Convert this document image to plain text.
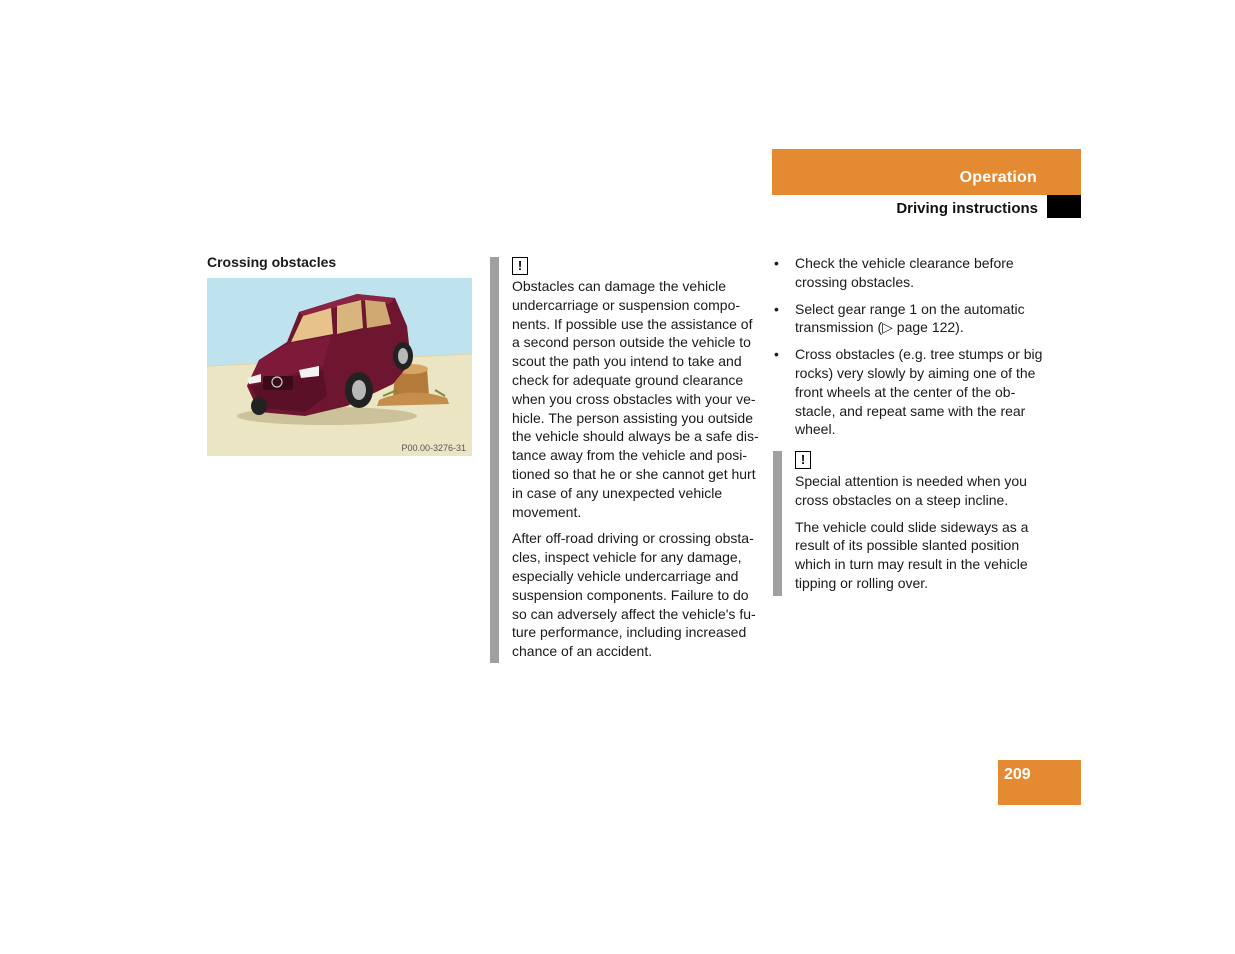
Operation
Driving instructions
Crossing obstacles
P00.00-3276-31
!

Obstacles can damage the vehicle undercarriage or suspension compo-nents. If possible use the assistance of a second person outside the vehicle to scout the path you intend to take and check for adequate ground clearance when you cross obstacles with your ve-hicle. The person assisting you outside the vehicle should always be a safe dis-tance away from the vehicle and posi-tioned so that he or she cannot get hurt in case of any unexpected vehicle movement.

After off-road driving or crossing obsta-cles, inspect vehicle for any damage, especially vehicle undercarriage and suspension components. Failure to do so can adversely affect the vehicle's fu-ture performance, including increased chance of an accident.

• Check the vehicle clearance before crossing obstacles.
• Select gear range 1 on the automatic transmission (▷ page 122).
• Cross obstacles (e.g. tree stumps or big rocks) very slowly by aiming one of the front wheels at the center of the ob-stacle, and repeat same with the rear wheel.
!

Special attention is needed when you cross obstacles on a steep incline.

The vehicle could slide sideways as a result of its possible slanted position which in turn may result in the vehicle tipping or rolling over.

209
